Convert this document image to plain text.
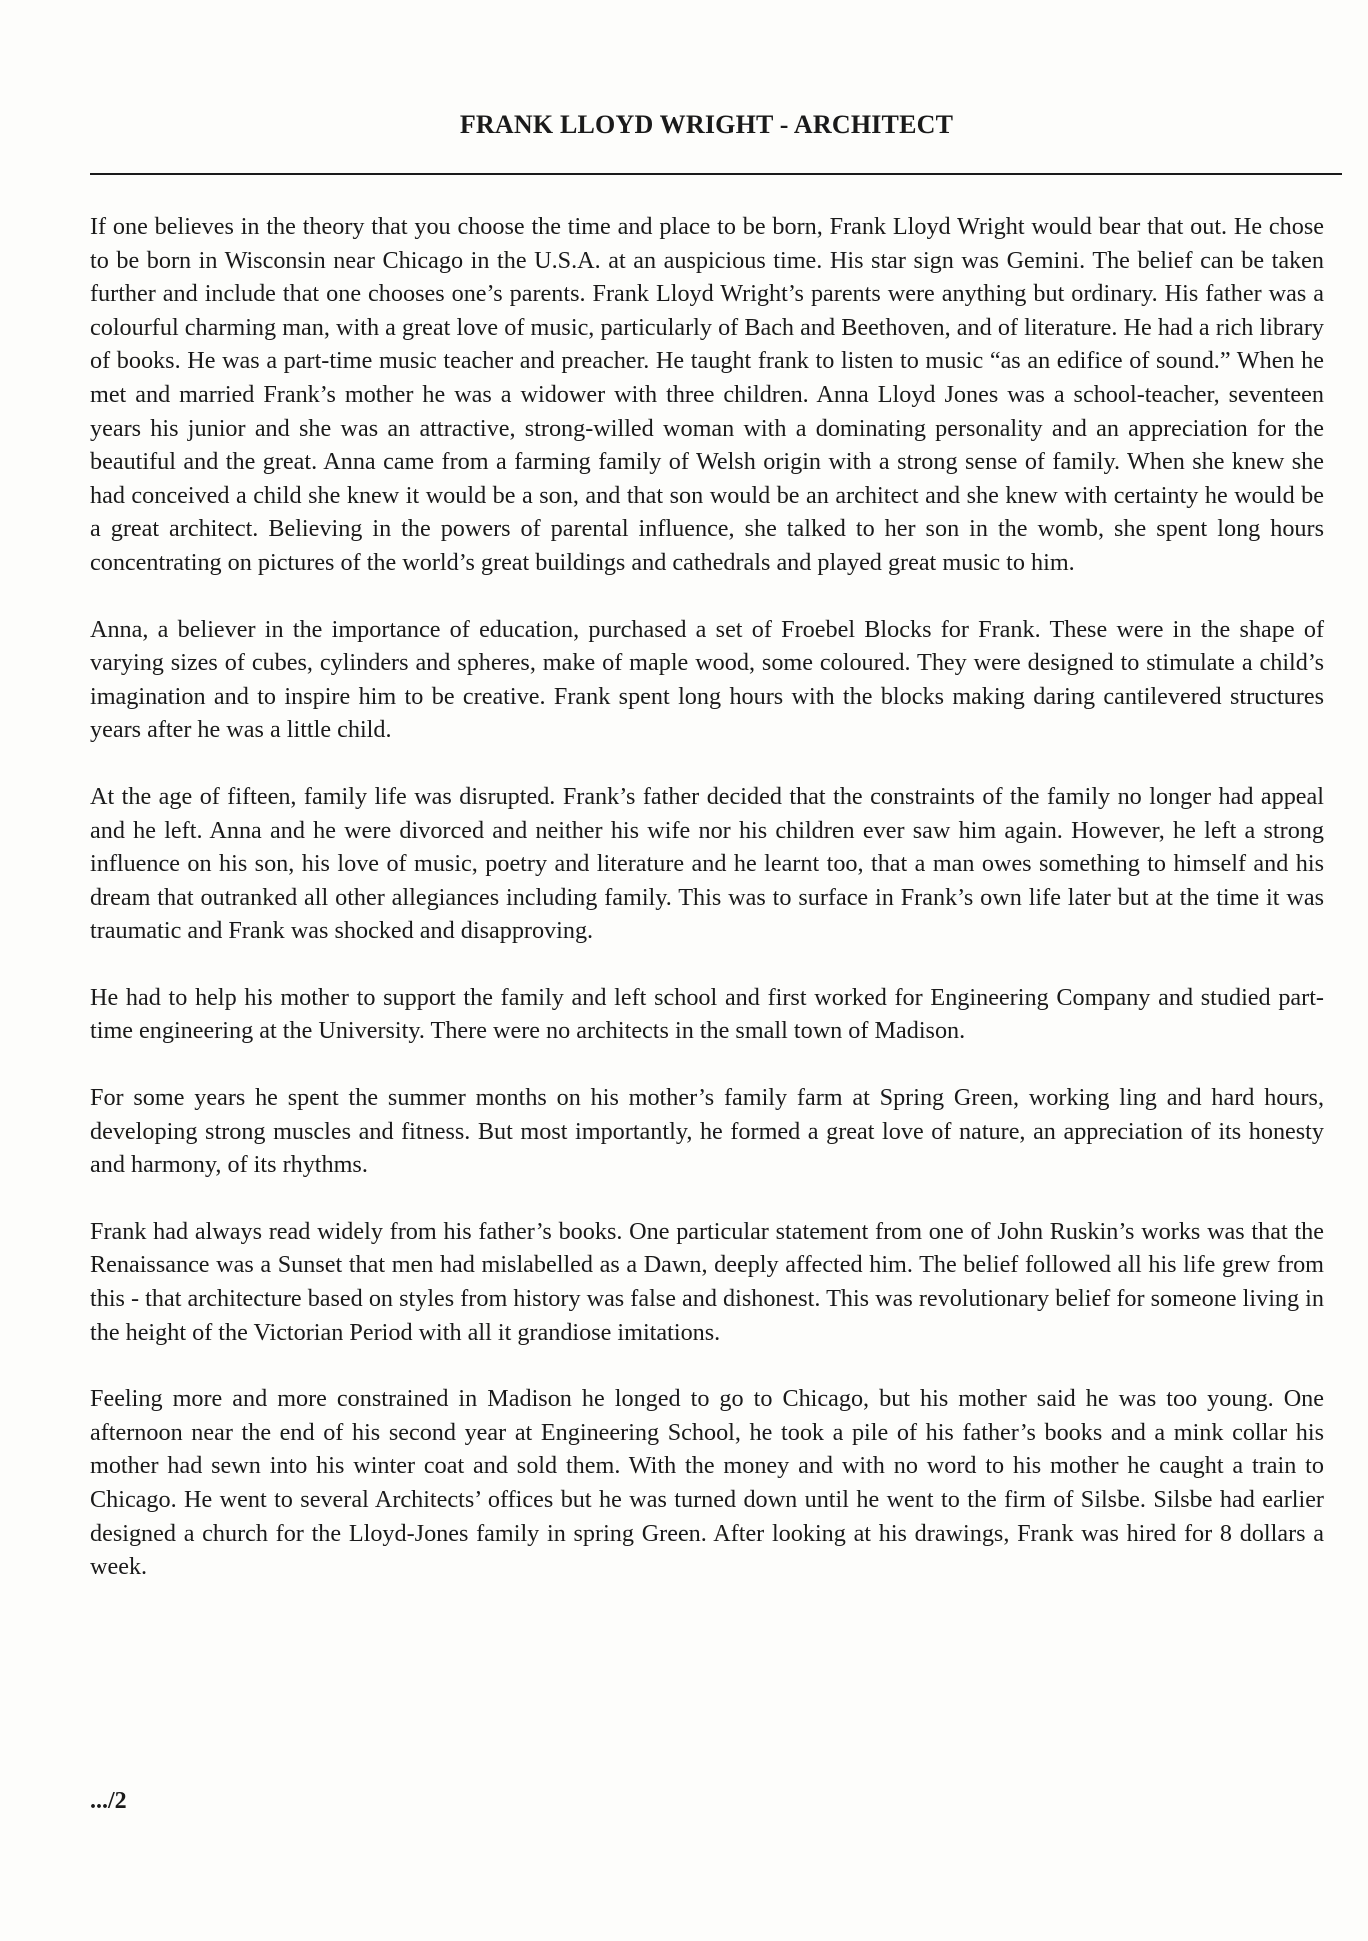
FRANK LLOYD WRIGHT - ARCHITECT

If one believes in the theory that you choose the time and place to be born, Frank Lloyd Wright would bear that out. He chose to be born in Wisconsin near Chicago in the U.S.A. at an auspicious time. His star sign was Gemini. The belief can be taken further and include that one chooses one’s parents. Frank Lloyd Wright’s parents were anything but ordinary. His father was a colourful charming man, with a great love of music, particularly of Bach and Beethoven, and of literature. He had a rich library of books. He was a part-time music teacher and preacher. He taught frank to listen to music “as an edifice of sound.” When he met and married Frank’s mother he was a widower with three children. Anna Lloyd Jones was a school-teacher, seventeen years his junior and she was an attractive, strong-willed woman with a dominating personality and an appreciation for the beautiful and the great. Anna came from a farming family of Welsh origin with a strong sense of family. When she knew she had conceived a child she knew it would be a son, and that son would be an architect and she knew with certainty he would be a great architect. Believing in the powers of parental influence, she talked to her son in the womb, she spent long hours concentrating on pictures of the world’s great buildings and cathedrals and played great music to him.

Anna, a believer in the importance of education, purchased a set of Froebel Blocks for Frank. These were in the shape of varying sizes of cubes, cylinders and spheres, make of maple wood, some coloured. They were designed to stimulate a child’s imagination and to inspire him to be creative. Frank spent long hours with the blocks making daring cantilevered structures years after he was a little child.

At the age of fifteen, family life was disrupted. Frank’s father decided that the constraints of the family no longer had appeal and he left. Anna and he were divorced and neither his wife nor his children ever saw him again. However, he left a strong influence on his son, his love of music, poetry and literature and he learnt too, that a man owes something to himself and his dream that outranked all other allegiances including family. This was to surface in Frank’s own life later but at the time it was traumatic and Frank was shocked and disapproving.

He had to help his mother to support the family and left school and first worked for Engineering Company and studied part-time engineering at the University. There were no architects in the small town of Madison.

For some years he spent the summer months on his mother’s family farm at Spring Green, working ling and hard hours, developing strong muscles and fitness. But most importantly, he formed a great love of nature, an appreciation of its honesty and harmony, of its rhythms.

Frank had always read widely from his father’s books. One particular statement from one of John Ruskin’s works was that the Renaissance was a Sunset that men had mislabelled as a Dawn, deeply affected him. The belief followed all his life grew from this - that architecture based on styles from history was false and dishonest. This was revolutionary belief for someone living in the height of the Victorian Period with all it grandiose imitations.

Feeling more and more constrained in Madison he longed to go to Chicago, but his mother said he was too young. One afternoon near the end of his second year at Engineering School, he took a pile of his father’s books and a mink collar his mother had sewn into his winter coat and sold them. With the money and with no word to his mother he caught a train to Chicago. He went to several Architects’ offices but he was turned down until he went to the firm of Silsbe. Silsbe had earlier designed a church for the Lloyd-Jones family in spring Green. After looking at his drawings, Frank was hired for 8 dollars a week.

.../2
